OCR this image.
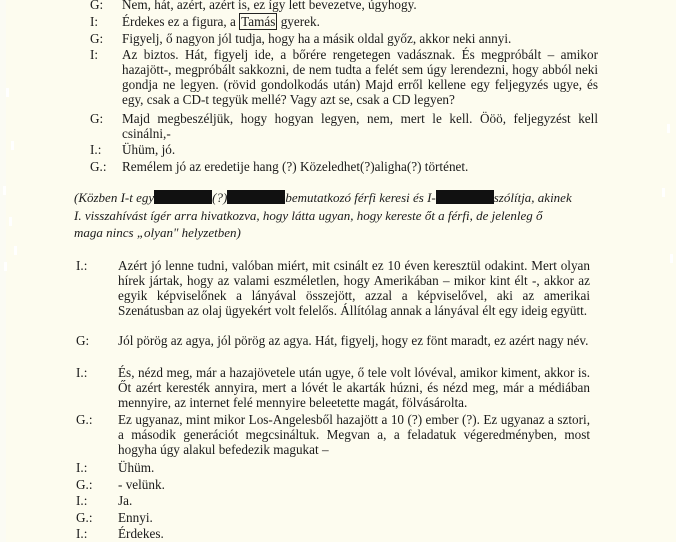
G:	Nem, hát, azért, azért is, ez így lett bevezetve, úgyhogy.
I:	Érdekes ez a figura, a Tamás gyerek.
G:	Figyelj, ő nagyon jól tudja, hogy ha a másik oldal győz, akkor neki annyi.
I:	Az biztos. Hát, figyelj ide, a bőrére rengetegen vadásznak. És megpróbált – amikor hazajött-, megpróbált sakkozni, de nem tudta a felét sem úgy lerendezni, hogy abból neki gondja ne legyen. (rövid gondolkodás után) Majd erről kellene egy feljegyzés ugye, és egy, csak a CD-t tegyük mellé? Vagy azt se, csak a CD legyen?
G:	Majd megbeszéljük, hogy hogyan legyen, nem, mert le kell. Ööö, feljegyzést kell csinálni,-
I.:	Ühüm, jó.
G.:	Remélem jó az eredetije hang (?) Közeledhet(?)aligha(?) történet.
(Közben I-t egy	(?)	bemutatkozó férfi keresi és I-	szólítja, akinek
I. visszahívást ígér arra hivatkozva, hogy látta ugyan, hogy kereste őt a férfi, de jelenleg ő
maga nincs „olyan" helyzetben)
I.:	Azért jó lenne tudni, valóban miért, mit csinált ez 10 éven keresztül odakint. Mert olyan hírek jártak, hogy az valami eszméletlen, hogy Amerikában – mikor kint élt -, akkor az egyik képviselőnek a lányával összejött, azzal a képviselővel, aki az amerikai Szenátusban az olaj ügyekért volt felelős. Állítólag annak a lányával élt egy ideig együtt.
G:	Jól pörög az agya, jól pörög az agya. Hát, figyelj, hogy ez fönt maradt, ez azért nagy név.
I.:	És, nézd meg, már a hazajövetele után ugye, ő tele volt lóvéval, amikor kiment, akkor is. Őt azért keresték annyira, mert a lóvét le akarták húzni, és nézd meg, már a médiában mennyire, az internet felé mennyire beleetette magát, fölvásárolta.
G.:	Ez ugyanaz, mint mikor Los-Angelesből hazajött a 10 (?) ember (?). Ez ugyanaz a sztori, a második generációt megcsináltuk. Megvan a, a feladatuk végeredményben, most hogyha úgy alakul befedezik magukat –
I.:	Ühüm.
G.:	- velünk.
I.:	Ja.
G.:	Ennyi.
I.:	Érdekes.
